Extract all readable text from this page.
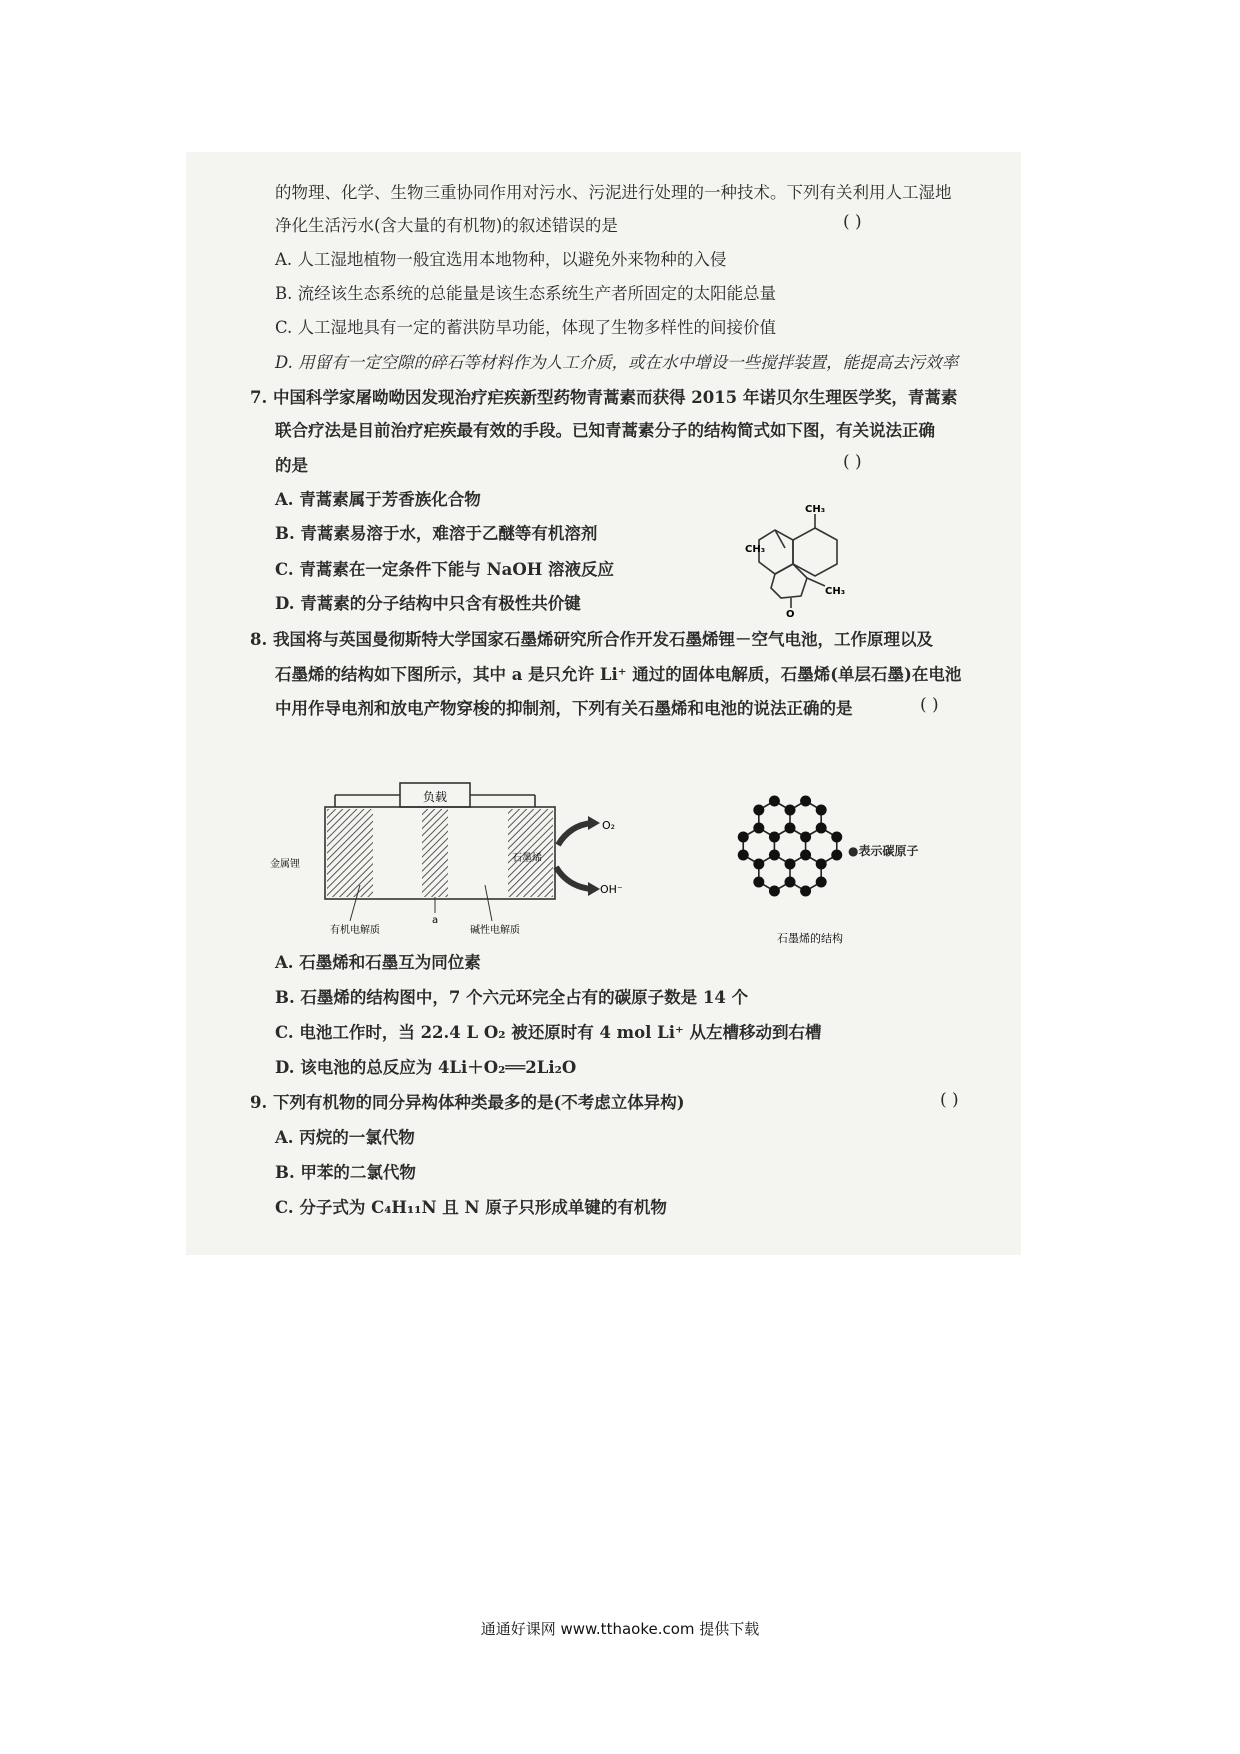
的物理、化学、生物三重协同作用对污水、污泥进行处理的一种技术。下列有关利用人工湿地
净化生活污水(含大量的有机物)的叙述错误的是	( )
A. 人工湿地植物一般宜选用本地物种，以避免外来物种的入侵
B. 流经该生态系统的总能量是该生态系统生产者所固定的太阳能总量
C. 人工湿地具有一定的蓄洪防旱功能，体现了生物多样性的间接价值
D. 用留有一定空隙的碎石等材料作为人工介质，或在水中增设一些搅拌装置，能提高去污效率
7. 中国科学家屠呦呦因发现治疗疟疾新型药物青蒿素而获得 2015 年诺贝尔生理医学奖，青蒿素
联合疗法是目前治疗疟疾最有效的手段。已知青蒿素分子的结构简式如下图，有关说法正确
的是	( )
A. 青蒿素属于芳香族化合物
B. 青蒿素易溶于水，难溶于乙醚等有机溶剂
C. 青蒿素在一定条件下能与 NaOH 溶液反应
D. 青蒿素的分子结构中只含有极性共价键
CH₃
CH₃
CH₃
O
8. 我国将与英国曼彻斯特大学国家石墨烯研究所合作开发石墨烯锂－空气电池，工作原理以及
石墨烯的结构如下图所示，其中 a 是只允许 Li⁺ 通过的固体电解质，石墨烯(单层石墨)在电池
中用作导电剂和放电产物穿梭的抑制剂，下列有关石墨烯和电池的说法正确的是	( )
负载
金属锂
石墨烯
O₂
OH⁻
有机电解质
a
碱性电解质
石墨烯的结构
●表示碳原子
A. 石墨烯和石墨互为同位素
B. 石墨烯的结构图中，7 个六元环完全占有的碳原子数是 14 个
C. 电池工作时，当 22.4 L O₂ 被还原时有 4 mol Li⁺ 从左槽移动到右槽
D. 该电池的总反应为 4Li＋O₂══2Li₂O
9. 下列有机物的同分异构体种类最多的是(不考虑立体异构)	( )
A. 丙烷的一氯代物
B. 甲苯的二氯代物
C. 分子式为 C₄H₁₁N 且 N 原子只形成单键的有机物
通通好课网 www.tthaoke.com 提供下载
